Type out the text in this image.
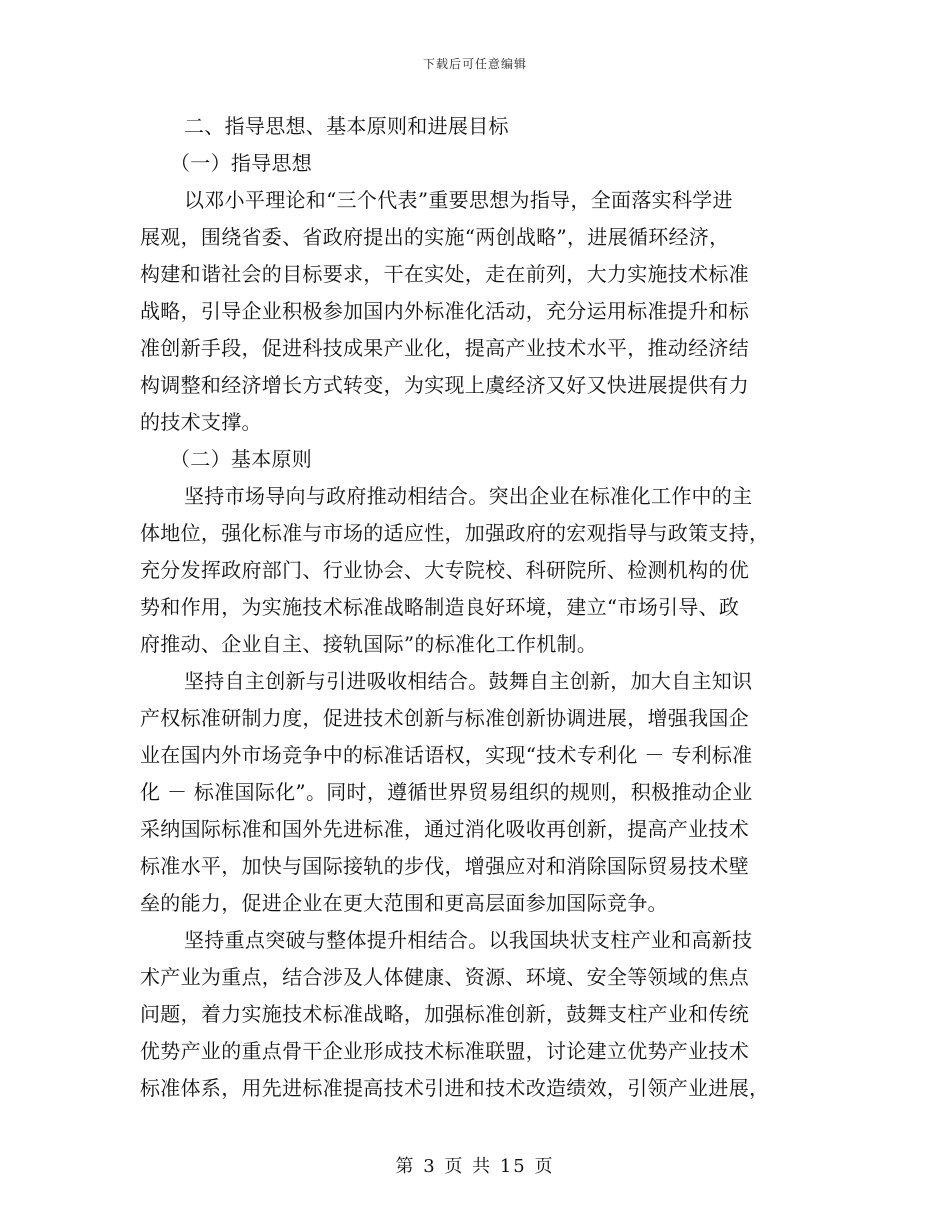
下载后可任意编辑
二、指导思想、基本原则和进展目标
（一）指导思想
以邓小平理论和“三个代表”重要思想为指导，全面落实科学进
展观，围绕省委、省政府提出的实施“两创战略”，进展循环经济，
构建和谐社会的目标要求，干在实处，走在前列，大力实施技术标准
战略，引导企业积极参加国内外标准化活动，充分运用标准提升和标
准创新手段，促进科技成果产业化，提高产业技术水平，推动经济结
构调整和经济增长方式转变，为实现上虞经济又好又快进展提供有力
的技术支撑。
（二）基本原则
坚持市场导向与政府推动相结合。突出企业在标准化工作中的主
体地位，强化标准与市场的适应性，加强政府的宏观指导与政策支持，
充分发挥政府部门、行业协会、大专院校、科研院所、检测机构的优
势和作用，为实施技术标准战略制造良好环境，建立“市场引导、政
府推动、企业自主、接轨国际”的标准化工作机制。
坚持自主创新与引进吸收相结合。鼓舞自主创新，加大自主知识
产权标准研制力度，促进技术创新与标准创新协调进展，增强我国企
业在国内外市场竞争中的标准话语权，实现“技术专利化 － 专利标准
化 － 标准国际化”。同时，遵循世界贸易组织的规则，积极推动企业
采纳国际标准和国外先进标准，通过消化吸收再创新，提高产业技术
标准水平，加快与国际接轨的步伐，增强应对和消除国际贸易技术壁
垒的能力，促进企业在更大范围和更高层面参加国际竞争。
坚持重点突破与整体提升相结合。以我国块状支柱产业和高新技
术产业为重点，结合涉及人体健康、资源、环境、安全等领域的焦点
问题，着力实施技术标准战略，加强标准创新，鼓舞支柱产业和传统
优势产业的重点骨干企业形成技术标准联盟，讨论建立优势产业技术
标准体系，用先进标准提高技术引进和技术改造绩效，引领产业进展，
第 3 页 共 15 页
